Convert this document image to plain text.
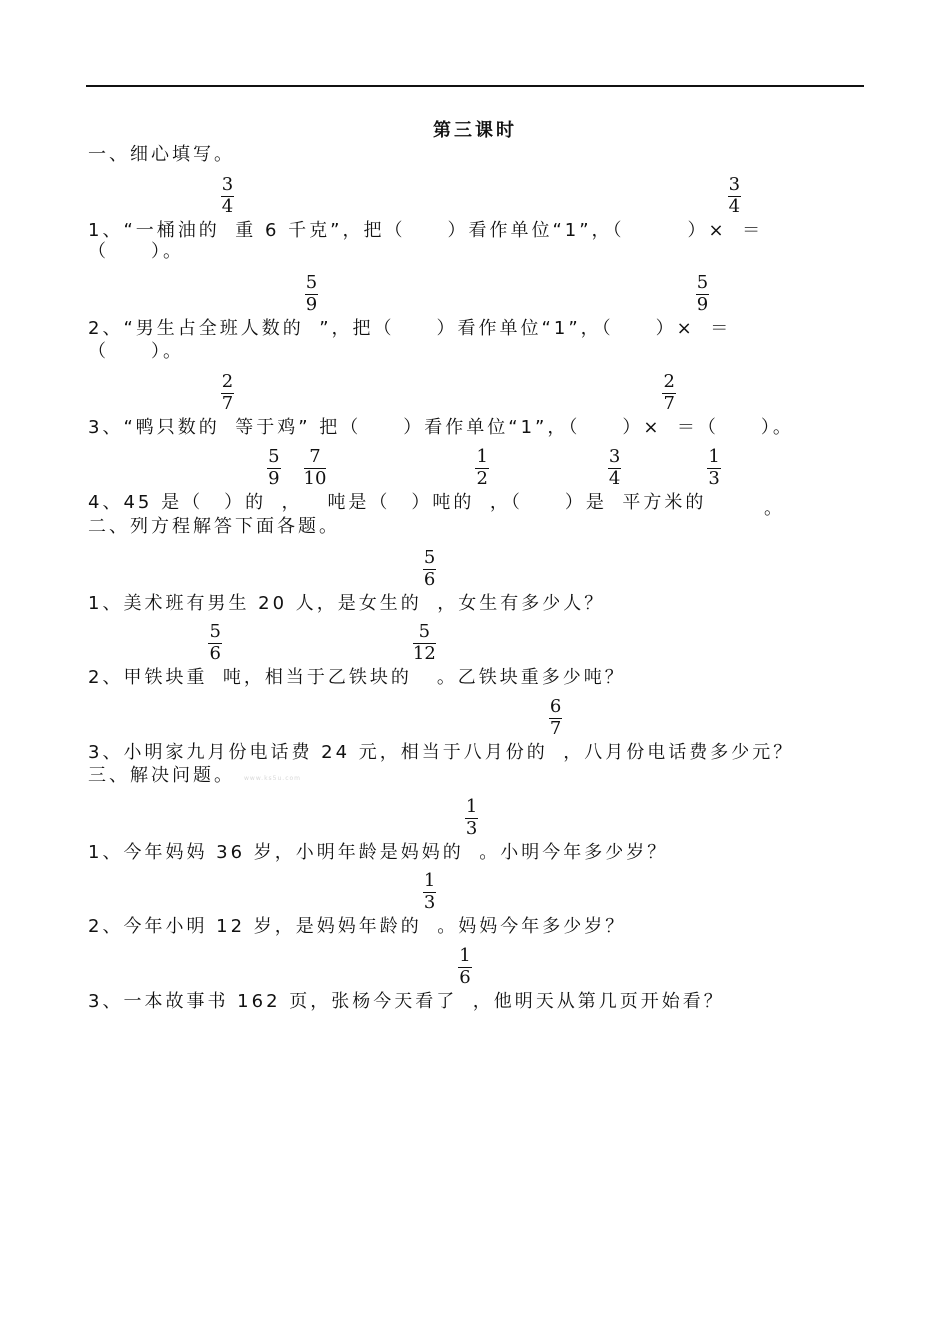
第三课时
一、细心填写。
1、“一桶油的
$\frac{3}{4}$
重 6 千克”，把（　　）看作单位“1”，（　　　）×
$\frac{3}{4}$
＝
（　　）。
2、“男生占全班人数的
$\frac{5}{9}$
”，把（　　）看作单位“1”，（　　）×
$\frac{5}{9}$
＝
（　　）。
3、“鸭只数的
$\frac{2}{7}$
等于鸡” 把（　　）看作单位“1”，（　　）×
$\frac{2}{7}$
＝（　　）。
4、45 是（　）的
$\frac{5}{9}$
，
$\frac{7}{10}$
吨是（　）吨的
$\frac{1}{2}$
，（　　）是
$\frac{3}{4}$
平方米的
$\frac{1}{3}$
。
二、列方程解答下面各题。
1、美术班有男生 20 人，是女生的
$\frac{5}{6}$
，女生有多少人？
2、甲铁块重
$\frac{5}{6}$
吨，相当于乙铁块的
$\frac{5}{12}$
。乙铁块重多少吨？
3、小明家九月份电话费 24 元，相当于八月份的
$\frac{6}{7}$
，八月份电话费多少元？
三、解决问题。 www.ks5u.com
1、今年妈妈 36 岁，小明年龄是妈妈的
$\frac{1}{3}$
。小明今年多少岁？
2、今年小明 12 岁，是妈妈年龄的
$\frac{1}{3}$
。妈妈今年多少岁？
3、一本故事书 162 页，张杨今天看了
$\frac{1}{6}$
，他明天从第几页开始看？
